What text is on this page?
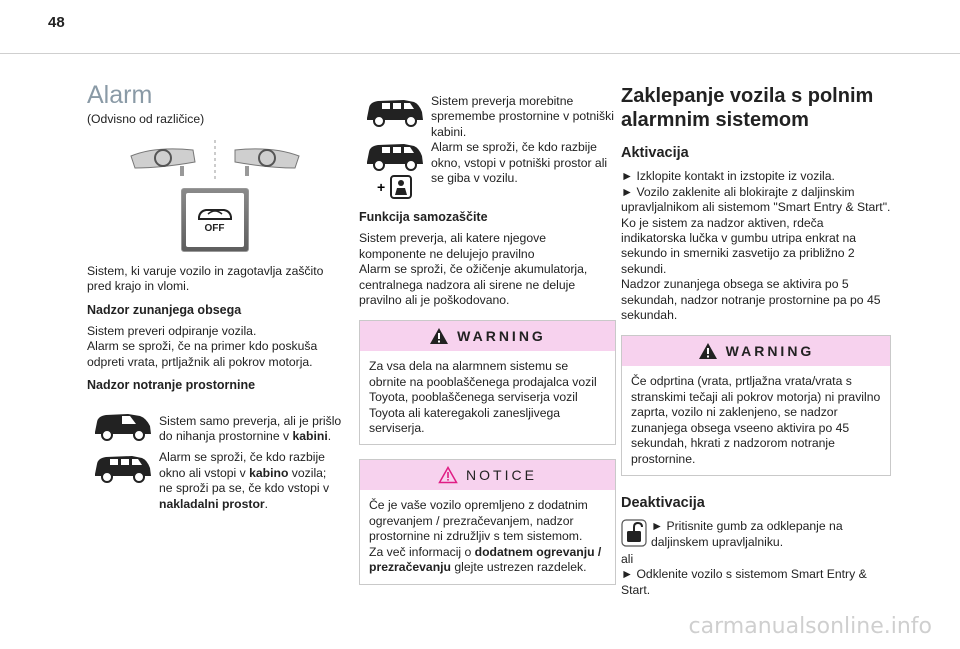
48
Alarm

(Odvisno od različice)

OFF

Sistem, ki varuje vozilo in zagotavlja zaščito pred krajo in vlomi.

Nadzor zunanjega obsega

Sistem preveri odpiranje vozila.

Alarm se sproži, če na primer kdo poskuša odpreti vrata, prtljažnik ali pokrov motorja.

Nadzor notranje prostornine
Sistem samo preverja, ali je prišlo do nihanja prostornine v kabini.
Alarm se sproži, če kdo razbije okno ali vstopi v kabino vozila; ne sproži pa se, če kdo vstopi v nakladalni prostor.
+

Sistem preverja morebitne spremembe prostornine v potniški kabini.

Alarm se sproži, če kdo razbije okno, vstopi v potniški prostor ali se giba v vozilu.

Funkcija samozaščite

Sistem preverja, ali katere njegove komponente ne delujejo pravilno

Alarm se sproži, če ožičenje akumulatorja, centralnega nadzora ali sirene ne deluje pravilno ali je poškodovano.

WARNING

Za vsa dela na alarmnem sistemu se obrnite na pooblaščenega prodajalca vozil Toyota, pooblaščenega serviserja vozil Toyota ali kateregakoli zanesljivega serviserja.

NOTICE

Če je vaše vozilo opremljeno z dodatnim ogrevanjem / prezračevanjem, nadzor prostornine ni združljiv s tem sistemom.

Za več informacij o dodatnem ogrevanju / prezračevanju glejte ustrezen razdelek.

Zaklepanje vozila s polnim alarmnim sistemom
Aktivacija

► Izklopite kontakt in izstopite iz vozila.

► Vozilo zaklenite ali blokirajte z daljinskim upravljalnikom ali sistemom "Smart Entry & Start".

Ko je sistem za nadzor aktiven, rdeča indikatorska lučka v gumbu utripa enkrat na sekundo in smerniki zasvetijo za približno 2 sekundi.

Nadzor zunanjega obsega se aktivira po 5 sekundah, nadzor notranje prostornine pa po 45 sekundah.

WARNING

Če odprtina (vrata, prtljažna vrata/vrata s stranskimi tečaji ali pokrov motorja) ni pravilno zaprta, vozilo ni zaklenjeno, se nadzor zunanjega obsega vseeno aktivira po 45 sekundah, hkrati z nadzorom notranje prostornine.

Deaktivacija
► Pritisnite gumb za odklepanje na daljinskem upravljalniku.

ali

► Odklenite vozilo s sistemom Smart Entry & Start.

carmanualsonline.info
